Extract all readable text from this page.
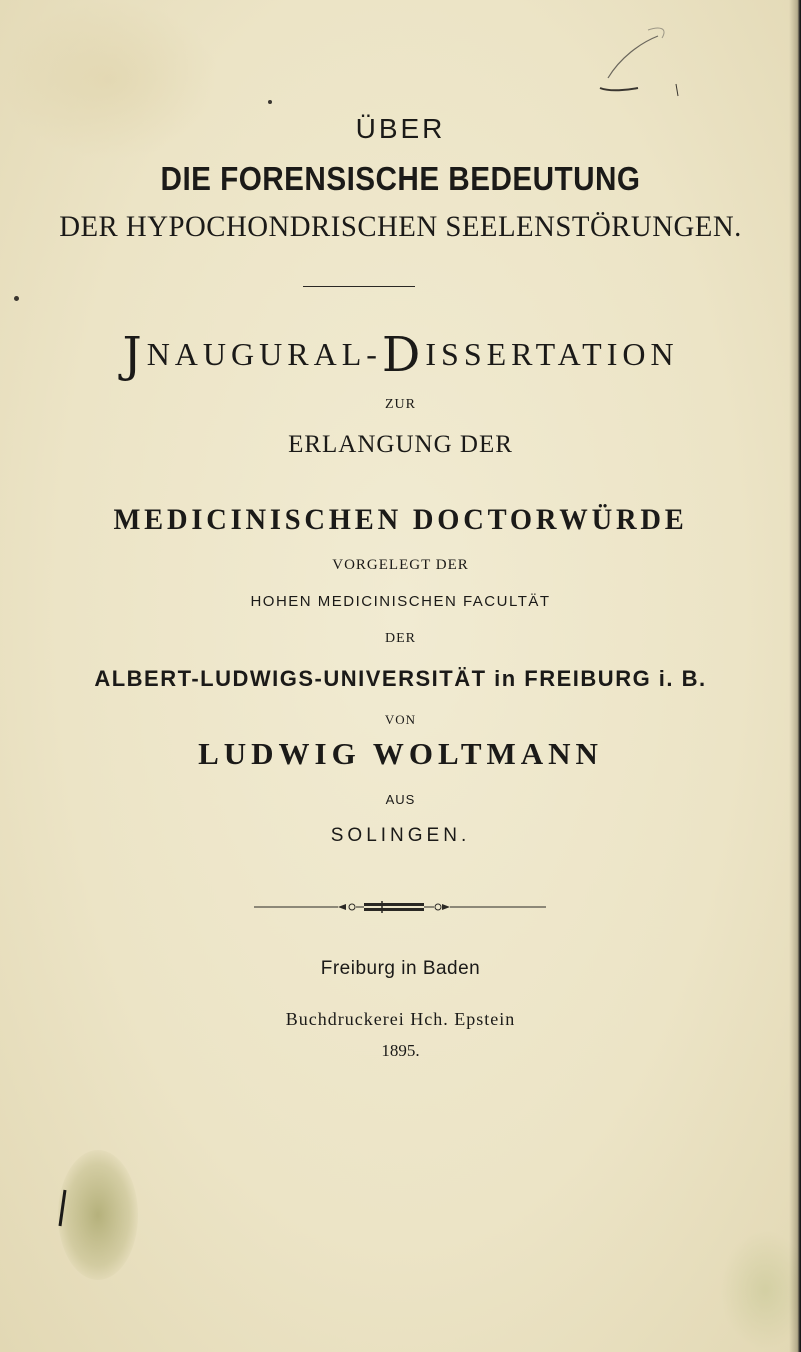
ÜBER
DIE FORENSISCHE BEDEUTUNG
DER HYPOCHONDRISCHEN SEELENSTÖRUNGEN.
JNAUGURAL-DISSERTATION
ZUR
ERLANGUNG DER
MEDICINISCHEN DOCTORWÜRDE
VORGELEGT DER
HOHEN MEDICINISCHEN FACULTÄT
DER
ALBERT-LUDWIGS-UNIVERSITÄT in FREIBURG i. B.
VON
LUDWIG WOLTMANN
AUS
SOLINGEN.
Freiburg in Baden
Buchdruckerei Hch. Epstein
1895.
